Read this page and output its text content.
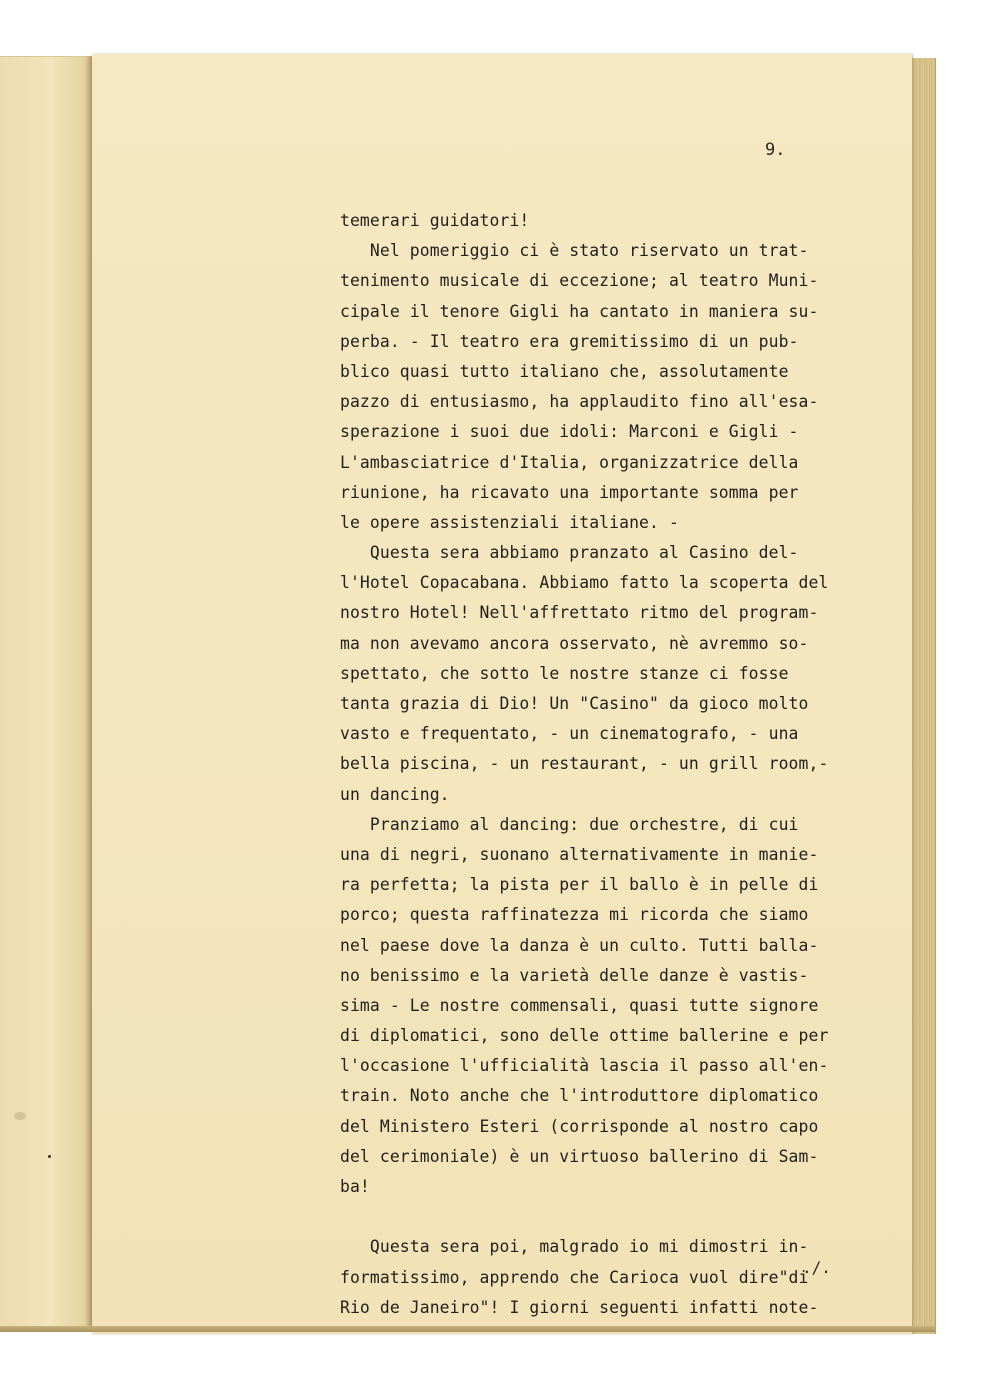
9.
temerari guidatori!
Nel pomeriggio ci è stato riservato un trat-
tenimento musicale di eccezione; al teatro Muni-
cipale il tenore Gigli ha cantato in maniera su-
perba. - Il teatro era gremitissimo di un pub-
blico quasi tutto italiano che, assolutamente
pazzo di entusiasmo, ha applaudito fino all'esa-
sperazione i suoi due idoli: Marconi e Gigli -
L'ambasciatrice d'Italia, organizzatrice della
riunione, ha ricavato una importante somma per
le opere assistenziali italiane. -
Questa sera abbiamo pranzato al Casino del-
l'Hotel Copacabana. Abbiamo fatto la scoperta del
nostro Hotel! Nell'affrettato ritmo del program-
ma non avevamo ancora osservato, nè avremmo so-
spettato, che sotto le nostre stanze ci fosse
tanta grazia di Dio! Un "Casino" da gioco molto
vasto e frequentato, - un cinematografo, - una
bella piscina, - un restaurant, - un grill room,-
un dancing.
Pranziamo al dancing: due orchestre, di cui
una di negri, suonano alternativamente in manie-
ra perfetta; la pista per il ballo è in pelle di
porco; questa raffinatezza mi ricorda che siamo
nel paese dove la danza è un culto. Tutti balla-
no benissimo e la varietà delle danze è vastis-
sima - Le nostre commensali, quasi tutte signore
di diplomatici, sono delle ottime ballerine e per
l'occasione l'ufficialità lascia il passo all'en-
train. Noto anche che l'introduttore diplomatico
del Ministero Esteri (corrisponde al nostro capo
del cerimoniale) è un virtuoso ballerino di Sam-
ba!
Questa sera poi, malgrado io mi dimostri in-
formatissimo, apprendo che Carioca vuol dire"di
Rio de Janeiro"! I giorni seguenti infatti note-
./.
